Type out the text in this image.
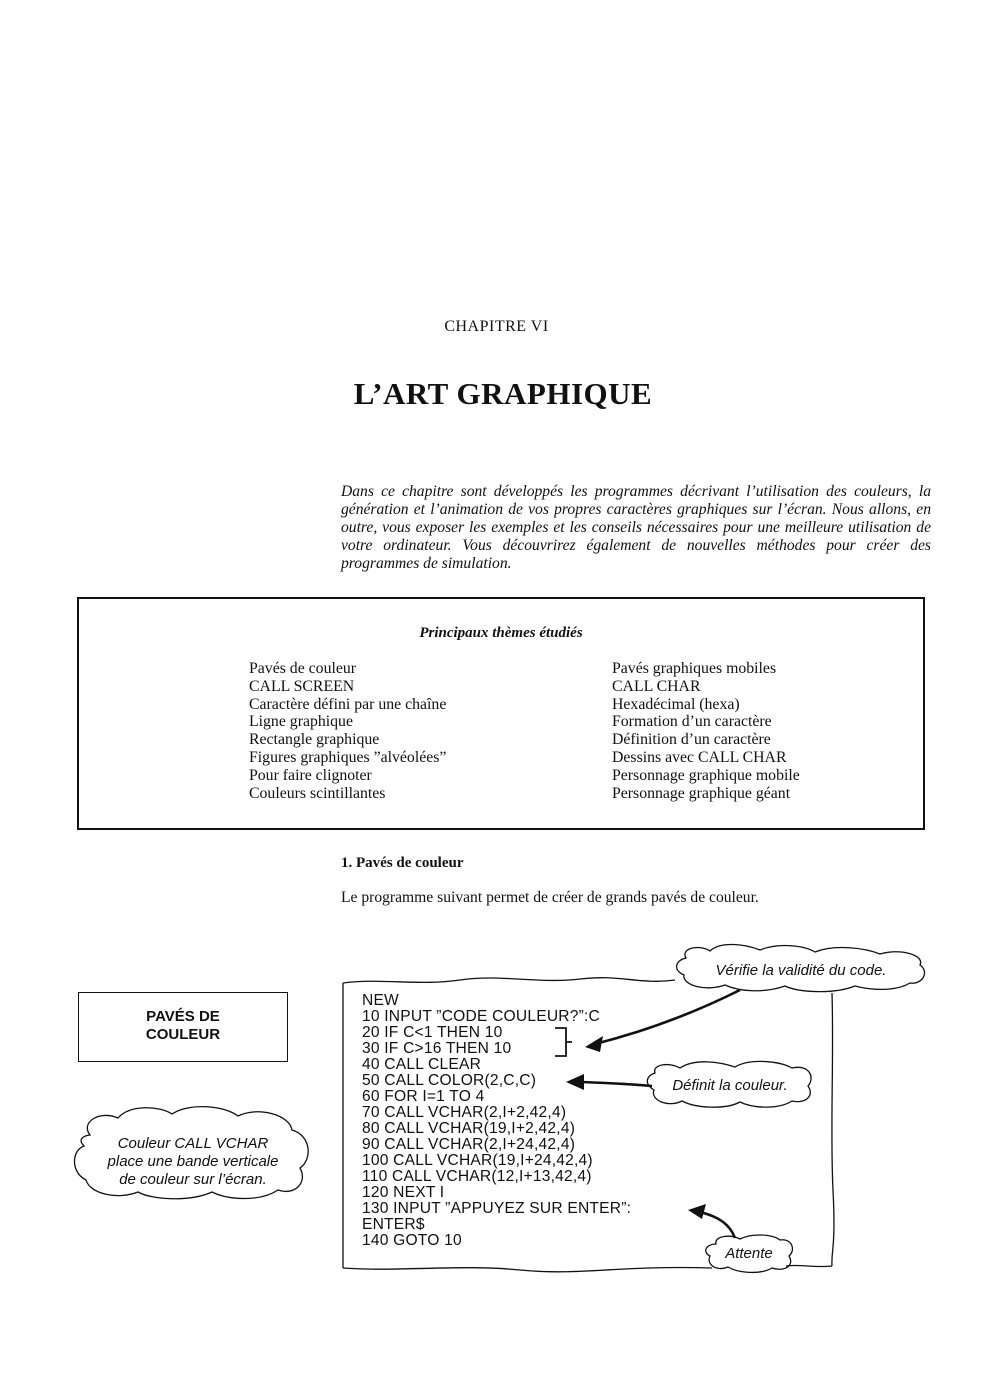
CHAPITRE VI
L’ART GRAPHIQUE

Dans ce chapitre sont développés les programmes décrivant l’utilisation des couleurs, la génération et l’animation de vos propres caractères graphiques sur l’écran. Nous allons, en outre, vous exposer les exemples et les conseils nécessaires pour une meilleure utilisation de votre ordinateur. Vous découvrirez également de nouvelles méthodes pour créer des programmes de simulation.

Principaux thèmes étudiés
Pavés de couleur
CALL SCREEN
Caractère défini par une chaîne
Ligne graphique
Rectangle graphique
Figures graphiques ”alvéolées”
Pour faire clignoter
Couleurs scintillantes
Pavés graphiques mobiles
CALL CHAR
Hexadécimal (hexa)
Formation d’un caractère
Définition d’un caractère
Dessins avec CALL CHAR
Personnage graphique mobile
Personnage graphique géant
1. Pavés de couleur

Le programme suivant permet de créer de grands pavés de couleur.

PAVÉS DE
COULEUR
NEW
10 INPUT ”CODE COULEUR?”:C
20 IF C<1 THEN 10
30 IF C>16 THEN 10
40 CALL CLEAR
50 CALL COLOR(2,C,C)
60 FOR I=1 TO 4
70 CALL VCHAR(2,I+2,42,4)
80 CALL VCHAR(19,I+2,42,4)
90 CALL VCHAR(2,I+24,42,4)
100 CALL VCHAR(19,I+24,42,4)
110 CALL VCHAR(12,I+13,42,4)
120 NEXT I
130 INPUT ”APPUYEZ SUR ENTER”:
ENTER$
140 GOTO 10
Vérifie la validité du code.
Définit la couleur.
Attente
Couleur CALL VCHAR
place une bande verticale
de couleur sur l’écran.
